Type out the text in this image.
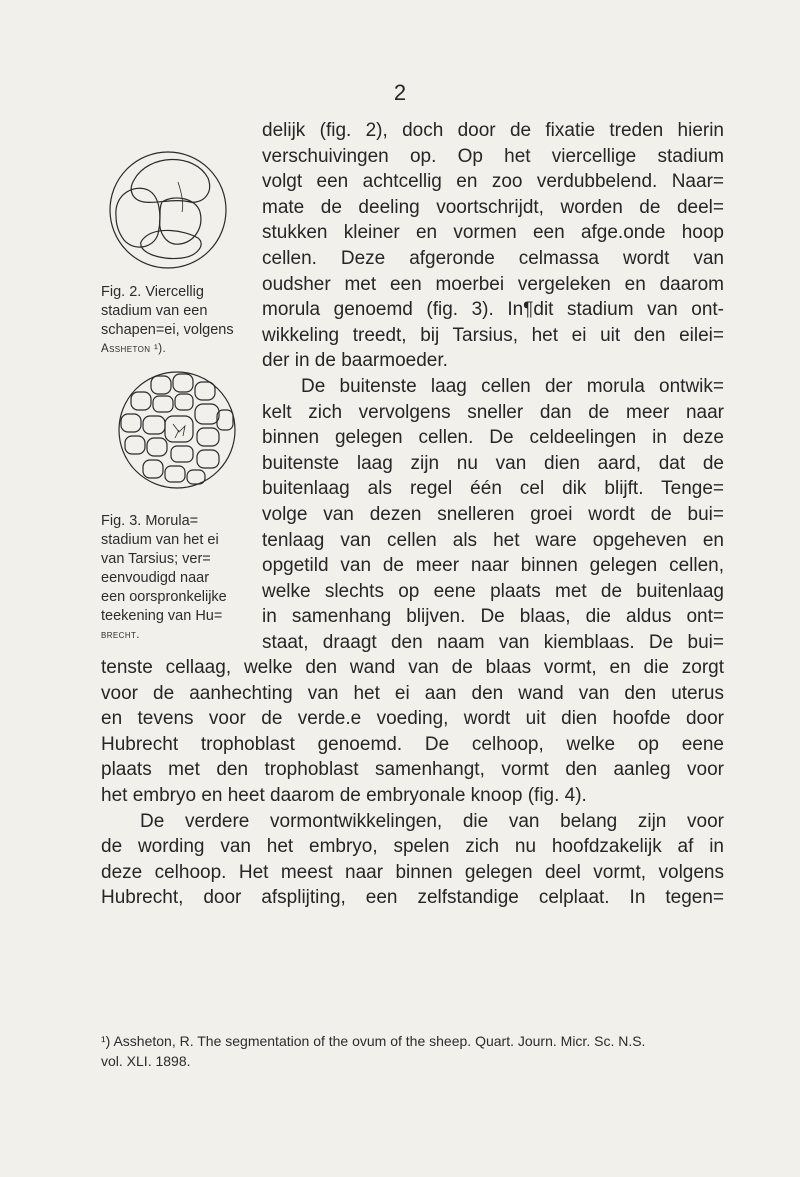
2
Fig. 2. Viercellig
stadium van een
schapen=ei, volgens
Assheton ¹).
Fig. 3. Morula=
stadium van het ei
van Tarsius; ver=
eenvoudigd naar
een oorspronkelijke
teekening van Hu=
brecht.
delijk (fig. 2), doch door de fixatie treden hierin
verschuivingen op. Op het viercellige stadium
volgt een achtcellig en zoo verdubbelend. Naar=
mate de deeling voortschrijdt, worden de deel=
stukken kleiner en vormen een afge.onde hoop
cellen. Deze afgeronde celmassa wordt van
oudsher met een moerbei vergeleken en daarom
morula genoemd (fig. 3). In¶dit stadium van ont-
wikkeling treedt, bij Tarsius, het ei uit den eilei=
der in de baarmoeder.
De buitenste laag cellen der morula ontwik=
kelt zich vervolgens sneller dan de meer naar
binnen gelegen cellen. De celdeelingen in deze
buitenste laag zijn nu van dien aard, dat de
buitenlaag als regel één cel dik blijft. Tenge=
volge van dezen snelleren groei wordt de bui=
tenlaag van cellen als het ware opgeheven en
opgetild van de meer naar binnen gelegen cellen,
welke slechts op eene plaats met de buitenlaag
in samenhang blijven. De blaas, die aldus ont=
staat, draagt den naam van kiemblaas. De bui=
tenste cellaag, welke den wand van de blaas vormt, en die zorgt
voor de aanhechting van het ei aan den wand van den uterus
en tevens voor de verde.e voeding, wordt uit dien hoofde door
Hubrecht trophoblast genoemd. De celhoop, welke op eene
plaats met den trophoblast samenhangt, vormt den aanleg voor
het embryo en heet daarom de embryonale knoop (fig. 4).
De verdere vormontwikkelingen, die van belang zijn voor
de wording van het embryo, spelen zich nu hoofdzakelijk af in
deze celhoop. Het meest naar binnen gelegen deel vormt, volgens
Hubrecht, door afsplijting, een zelfstandige celplaat. In tegen=
¹) Assheton, R. The segmentation of the ovum of the sheep. Quart. Journ. Micr. Sc. N.S.
vol. XLI. 1898.
